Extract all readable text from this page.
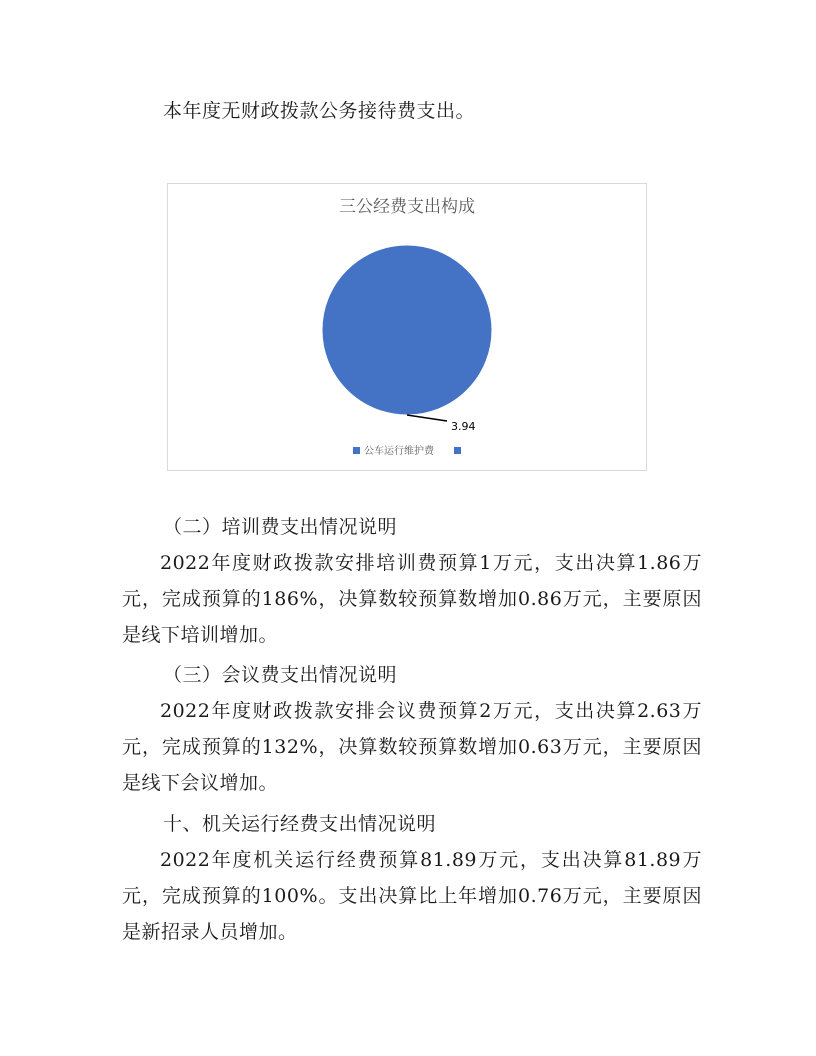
本年度无财政拨款公务接待费支出。

三公经费支出构成
3.94
公车运行维护费

（二）培训费支出情况说明

2022年度财政拨款安排培训费预算1万元，支出决算1.86万元，完成预算的186%，决算数较预算数增加0.86万元，主要原因是线下培训增加。

（三）会议费支出情况说明

2022年度财政拨款安排会议费预算2万元，支出决算2.63万元，完成预算的132%，决算数较预算数增加0.63万元，主要原因是线下会议增加。

十、机关运行经费支出情况说明

2022年度机关运行经费预算81.89万元，支出决算81.89万元，完成预算的100%。支出决算比上年增加0.76万元，主要原因是新招录人员增加。
